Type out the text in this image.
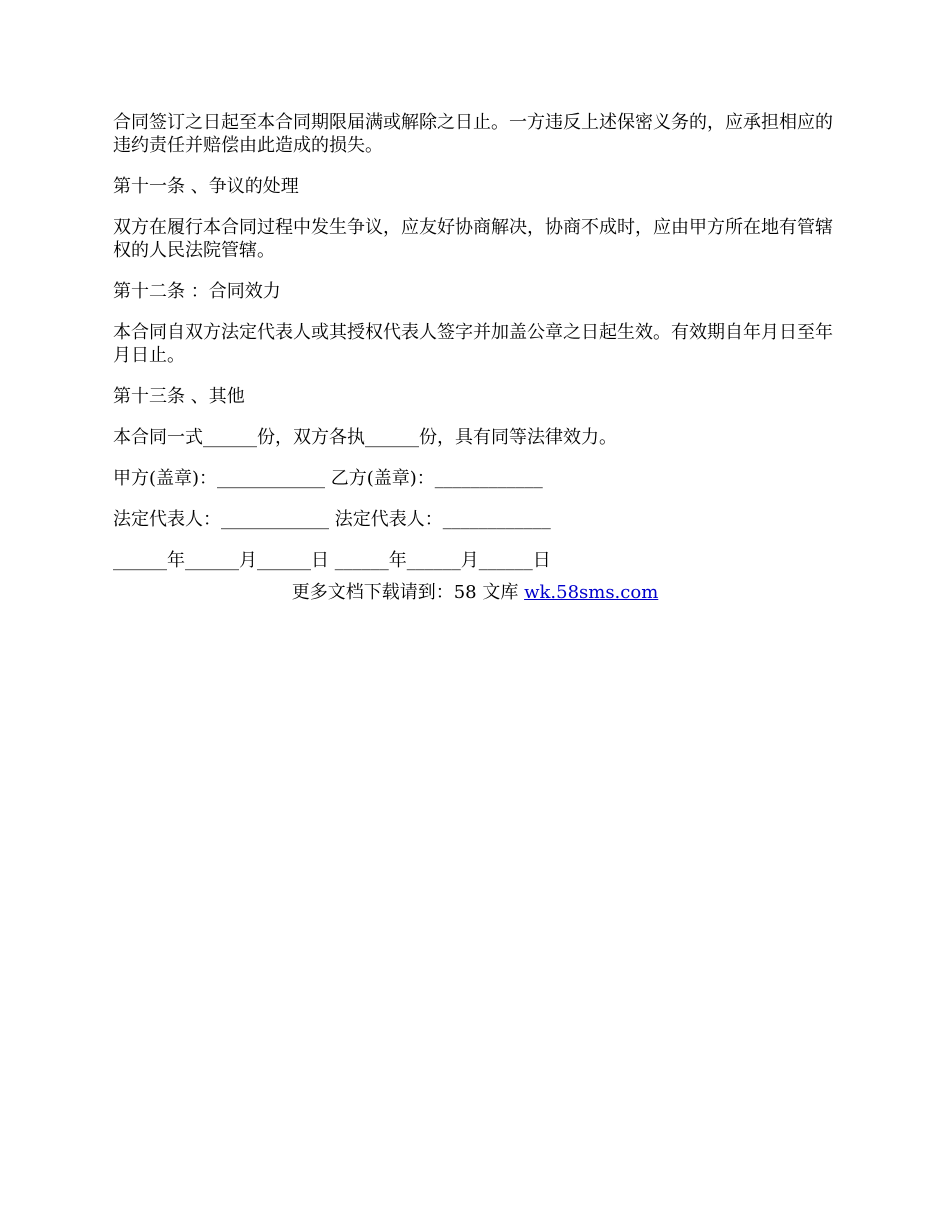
合同签订之日起至本合同期限届满或解除之日止。一方违反上述保密义务的，应承担相应的违约责任并赔偿由此造成的损失。

第十一条 、争议的处理

双方在履行本合同过程中发生争议，应友好协商解决，协商不成时，应由甲方所在地有管辖权的人民法院管辖。

第十二条 ：合同效力

本合同自双方法定代表人或其授权代表人签字并加盖公章之日起生效。有效期自年月日至年月日止。

第十三条 、其他

本合同一式______份，双方各执______份，具有同等法律效力。

甲方(盖章)：____________ 乙方(盖章)：____________

法定代表人：____________ 法定代表人：____________

______年______月______日 ______年______月______日

更多文档下载请到：58 文库 wk.58sms.com
